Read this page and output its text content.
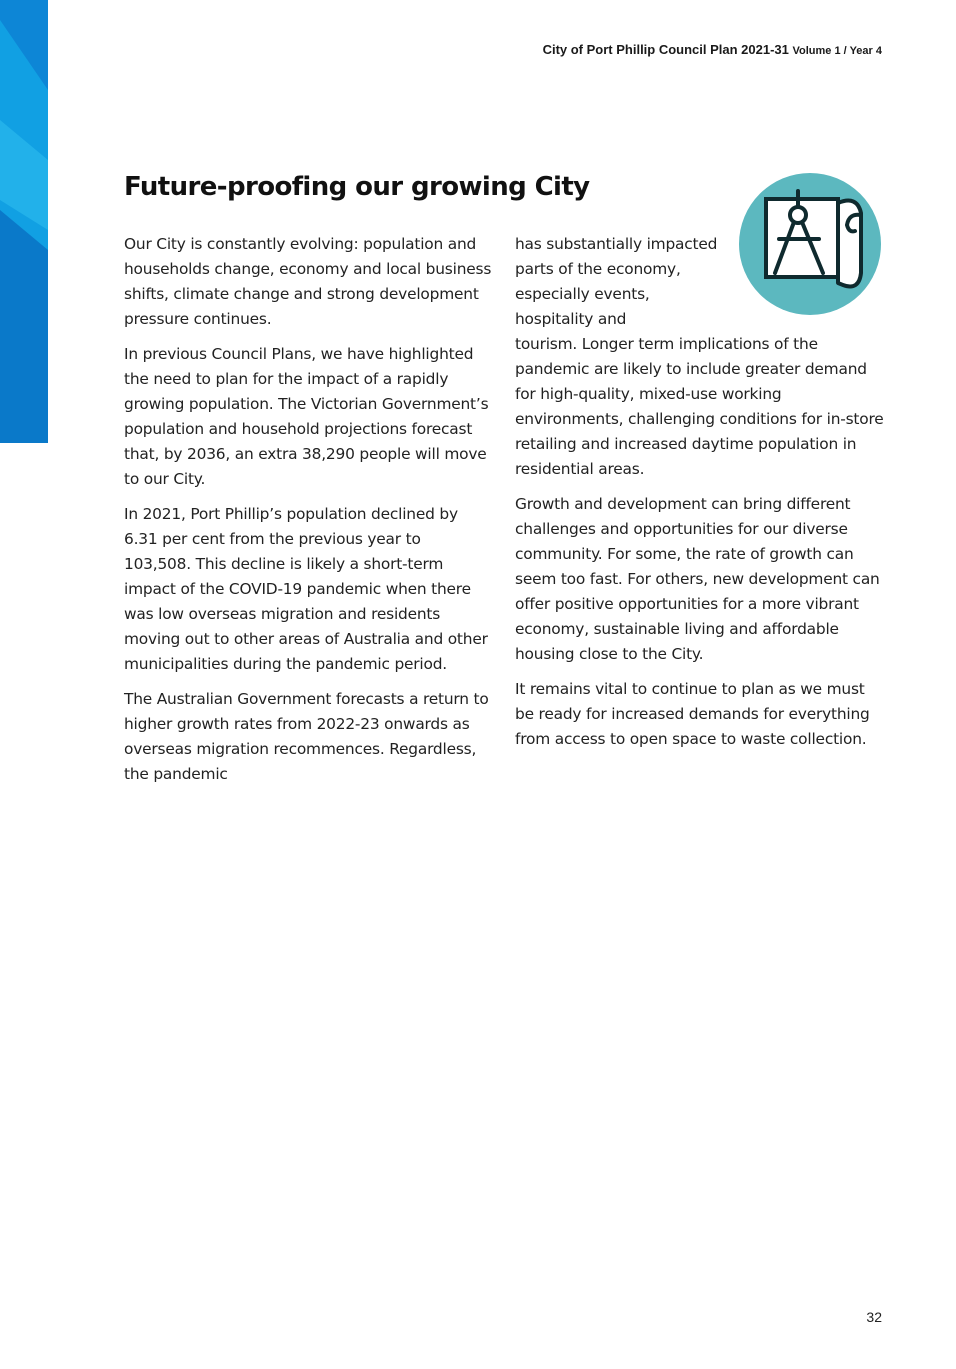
City of Port Phillip Council Plan 2021-31 Volume 1 / Year 4
Future-proofing our growing City

Our City is constantly evolving: population and households change, economy and local business shifts, climate change and strong development pressure continues.

In previous Council Plans, we have highlighted the need to plan for the impact of a rapidly growing population. The Victorian Government’s population and household projections forecast that, by 2036, an extra 38,290 people will move to our City.

In 2021, Port Phillip’s population declined by 6.31 per cent from the previous year to 103,508. This decline is likely a short-term impact of the COVID-19 pandemic when there was low overseas migration and residents moving out to other areas of Australia and other municipalities during the pandemic period.

The Australian Government forecasts a return to higher growth rates from 2022-23 onwards as overseas migration recommences. Regardless, the pandemic

has substantially impacted parts of the economy, especially events, hospitality and
tourism. Longer term implications of the pandemic are likely to include greater demand for high-quality, mixed-use working environments, challenging conditions for in-store retailing and increased daytime population in residential areas.

Growth and development can bring different challenges and opportunities for our diverse community. For some, the rate of growth can seem too fast. For others, new development can offer positive opportunities for a more vibrant economy, sustainable living and affordable housing close to the City.

It remains vital to continue to plan as we must be ready for increased demands for everything from access to open space to waste collection.

32
